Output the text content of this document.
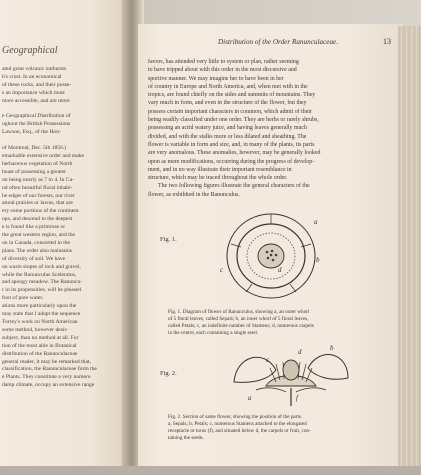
Geographical
ated great volcanic outbursts
h's crust. In an economical
of these rocks, and their posse-
s an importance which must
more accessible, and are more

e Geographical Distribution of
ughout the British Possessions
Lawson, Esq., of the Hon-

of Montreal, Dec. 5th 1856.)
emarkable extensive order and make
herbaceous vegetation of North
boast of possessing a greater
on being nearly as 7 to 4. In Ca-
nd often beautiful floral inhabi-
he edges of our forests, our river
atural prairies or lawns, that are
ery some portions of the continent.
ops, and descend to the deepest
e is found like a primrose or
the great western region, and the
on in Canada, consorted in the
plans. The order also maintains
of diversity of soil. We have
on warm slopes of rock and gravel,
while the Ranunculus Sceleratus,
and spongy meadow. The Ranuncu-
r in its propensities, will be pleased
foot of pure water.
ations more particularly upon the
may state that I adopt the sequence
Torrey's work on North American
some method, however desir-
subject, than no method at all. For
tion of the most able in Botanical
distribution of the Ranunculaceae
general reader, it may be remarked that,
classification, the Ranunculaceae form the
e Plants. They constitute a very numero
damp climate, occupy an extensive range
Distribution of the Order Ranunculaceae.	13
favors, has attended very little to system or plan, rather seeming
to have tripped about with this order in the most discursive and
sportive manner. We may imagine her to have been in her
of country in Europe and North America, and, when met with in the
tropics, are found chiefly on the sides and summits of mountains. They
vary much in form, and even in the structure of the flower, but they
possess certain important characters in common, which admit of their
being readily classified under one order. They are herbs or rarely shrubs,
possessing an acrid watery juice, and having leaves generally much
divided, and with the stalks more or less dilated and sheathing. The
flower is variable in form and size, and, in many of the plants, its parts
are very anomalous. These anomalies, however, may be generally looked
upon as mere modifications, occurring during the progress of develop-
ment, and in no way illustrate their important resemblance in
structure, which may be traced throughout the whole order.
The two following figures illustrate the general characters of the
flower, as exhibited in the Ranunculus.
Fig. 1.
a
b
c	d
Fig. 1. Diagram of flower of Ranunculus, showing a, an outer whorl
of 5 floral leaves, called Sepals; b, an inner whorl of 5 floral leaves,
called Petals; c, an indefinite number of Stamens; d, numerous carpels
in the centre, each containing a single seed.
Fig. 2.
a
b
c
d
f
Fig. 2. Section of same flower, showing the position of the parts.
a, Sepals; b, Petals; c, numerous Stamens attached to the elongated
receptacle or torus (f), and situated below d, the carpels or fruit, con-
taining the seeds.
